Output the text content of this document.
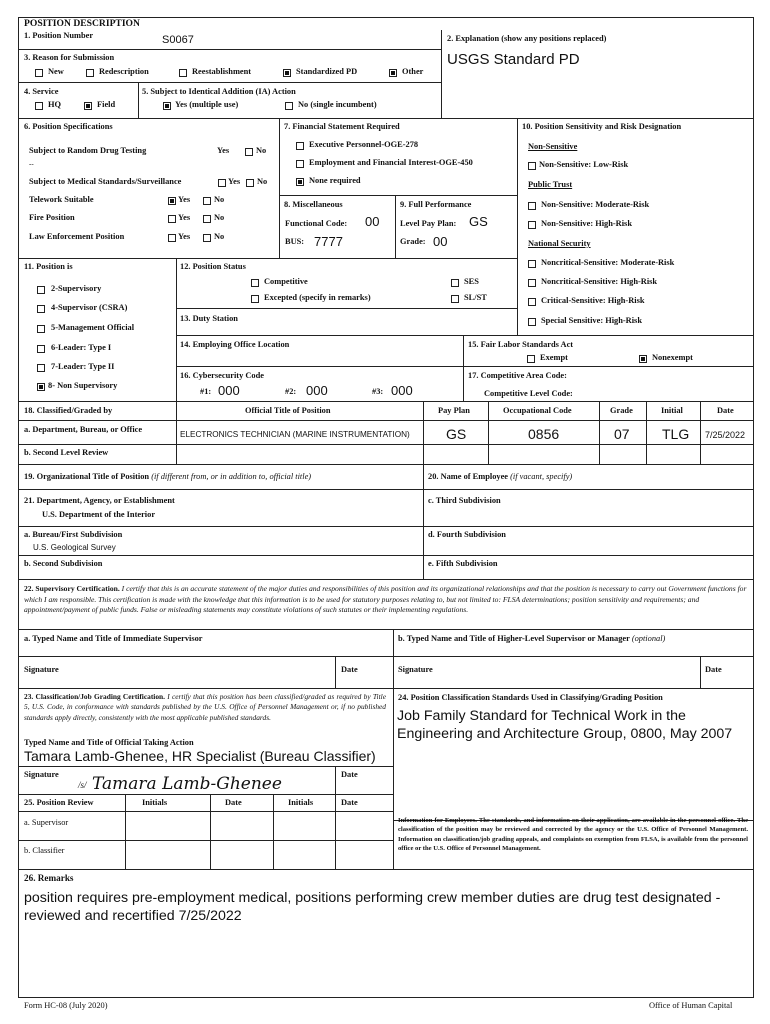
POSITION DESCRIPTION
1. Position Number	S0067	2. Explanation (show any positions replaced)
USGS Standard PD
3. Reason for Submission
New	Redescription	Reestablishment	Standardized PD	Other
4. Service
HQ	Field
5. Subject to Identical Addition (IA) Action
Yes (multiple use)	No (single incumbent)
6. Position Specifications
Subject to Random Drug Testing	Yes	No
--
Subject to Medical Standards/Surveillance	Yes No
Telework Suitable	Yes	No
Fire Position	Yes	No
Law Enforcement Position	Yes	No
7. Financial Statement Required
Executive Personnel-OGE-278
Employment and Financial Interest-OGE-450
None required
8. Miscellaneous
Functional Code: 00
BUS: 7777
9. Full Performance
Level Pay Plan: GS
Grade: 00
10. Position Sensitivity and Risk Designation
Non-Sensitive
Non-Sensitive: Low-Risk
Public Trust
Non-Sensitive: Moderate-Risk
Non-Sensitive: High-Risk
National Security
Noncritical-Sensitive: Moderate-Risk
Noncritical-Sensitive: High-Risk
Critical-Sensitive: High-Risk
Special Sensitive: High-Risk
11. Position is
2-Supervisory
4-Supervisor (CSRA)
5-Management Official
6-Leader: Type I
7-Leader: Type II
8- Non Supervisory
12. Position Status
Competitive
Excepted (specify in remarks)
SES
SL/ST
13. Duty Station
14. Employing Office Location	15. Fair Labor Standards Act
Exempt	Nonexempt
16. Cybersecurity Code
#1: 000	#2: 000	#3: 000
17. Competitive Area Code:
Competitive Level Code:
18. Classified/Graded by	Official Title of Position	Pay Plan	Occupational Code	Grade	Initial	Date
a. Department, Bureau, or Office
ELECTRONICS TECHNICIAN (MARINE INSTRUMENTATION)	GS	0856	07 TLG 7/25/2022
b. Second Level Review
19. Organizational Title of Position (if different from, or in addition to, official title)	20. Name of Employee (if vacant, specify)
21. Department, Agency, or Establishment
U.S. Department of the Interior
c. Third Subdivision
a. Bureau/First Subdivision
U.S. Geological Survey
d. Fourth Subdivision
b. Second Subdivision	e. Fifth Subdivision
22. Supervisory Certification. I certify that this is an accurate statement of the major duties and responsibilities of this position and its organizational relationships and that the position is necessary to carry out Government functions for which I am responsible. This certification is made with the knowledge that this information is to be used for statutory purposes relating to, but not limited to: FLSA determinations; position sensitivity and requirements; and appointment/payment of public funds. False or misleading statements may constitute violations of such statutes or their implementing regulations.
a. Typed Name and Title of Immediate Supervisor	b. Typed Name and Title of Higher-Level Supervisor or Manager (optional)
Signature	Date	Signature	Date
23. Classification/Job Grading Certification. I certify that this position has been classified/graded as required by Title 5, U.S. Code, in conformance with standards published by the U.S. Office of Personnel Management or, if no published standards apply directly, consistently with the most applicable published standards.
Typed Name and Title of Official Taking Action
Tamara Lamb-Ghenee, HR Specialist (Bureau Classifier)
Signature
/s/ Tamara Lamb-Ghenee	Date
24. Position Classification Standards Used in Classifying/Grading Position
Job Family Standard for Technical Work in the Engineering and Architecture Group, 0800, May 2007
25. Position Review	Initials	Date	Initials	Date
a. Supervisor
b. Classifier
Information for Employees. The standards, and information on their application, are available in the personnel office. The classification of the position may be reviewed and corrected by the agency or the U.S. Office of Personnel Management. Information on classification/job grading appeals, and complaints on exemption from FLSA, is available from the personnel office or the U.S. Office of Personnel Management.
26. Remarks
position requires pre-employment medical, positions performing crew member duties are drug test designated - reviewed and recertified 7/25/2022
Form HC-08 (July 2020)	Office of Human Capital
